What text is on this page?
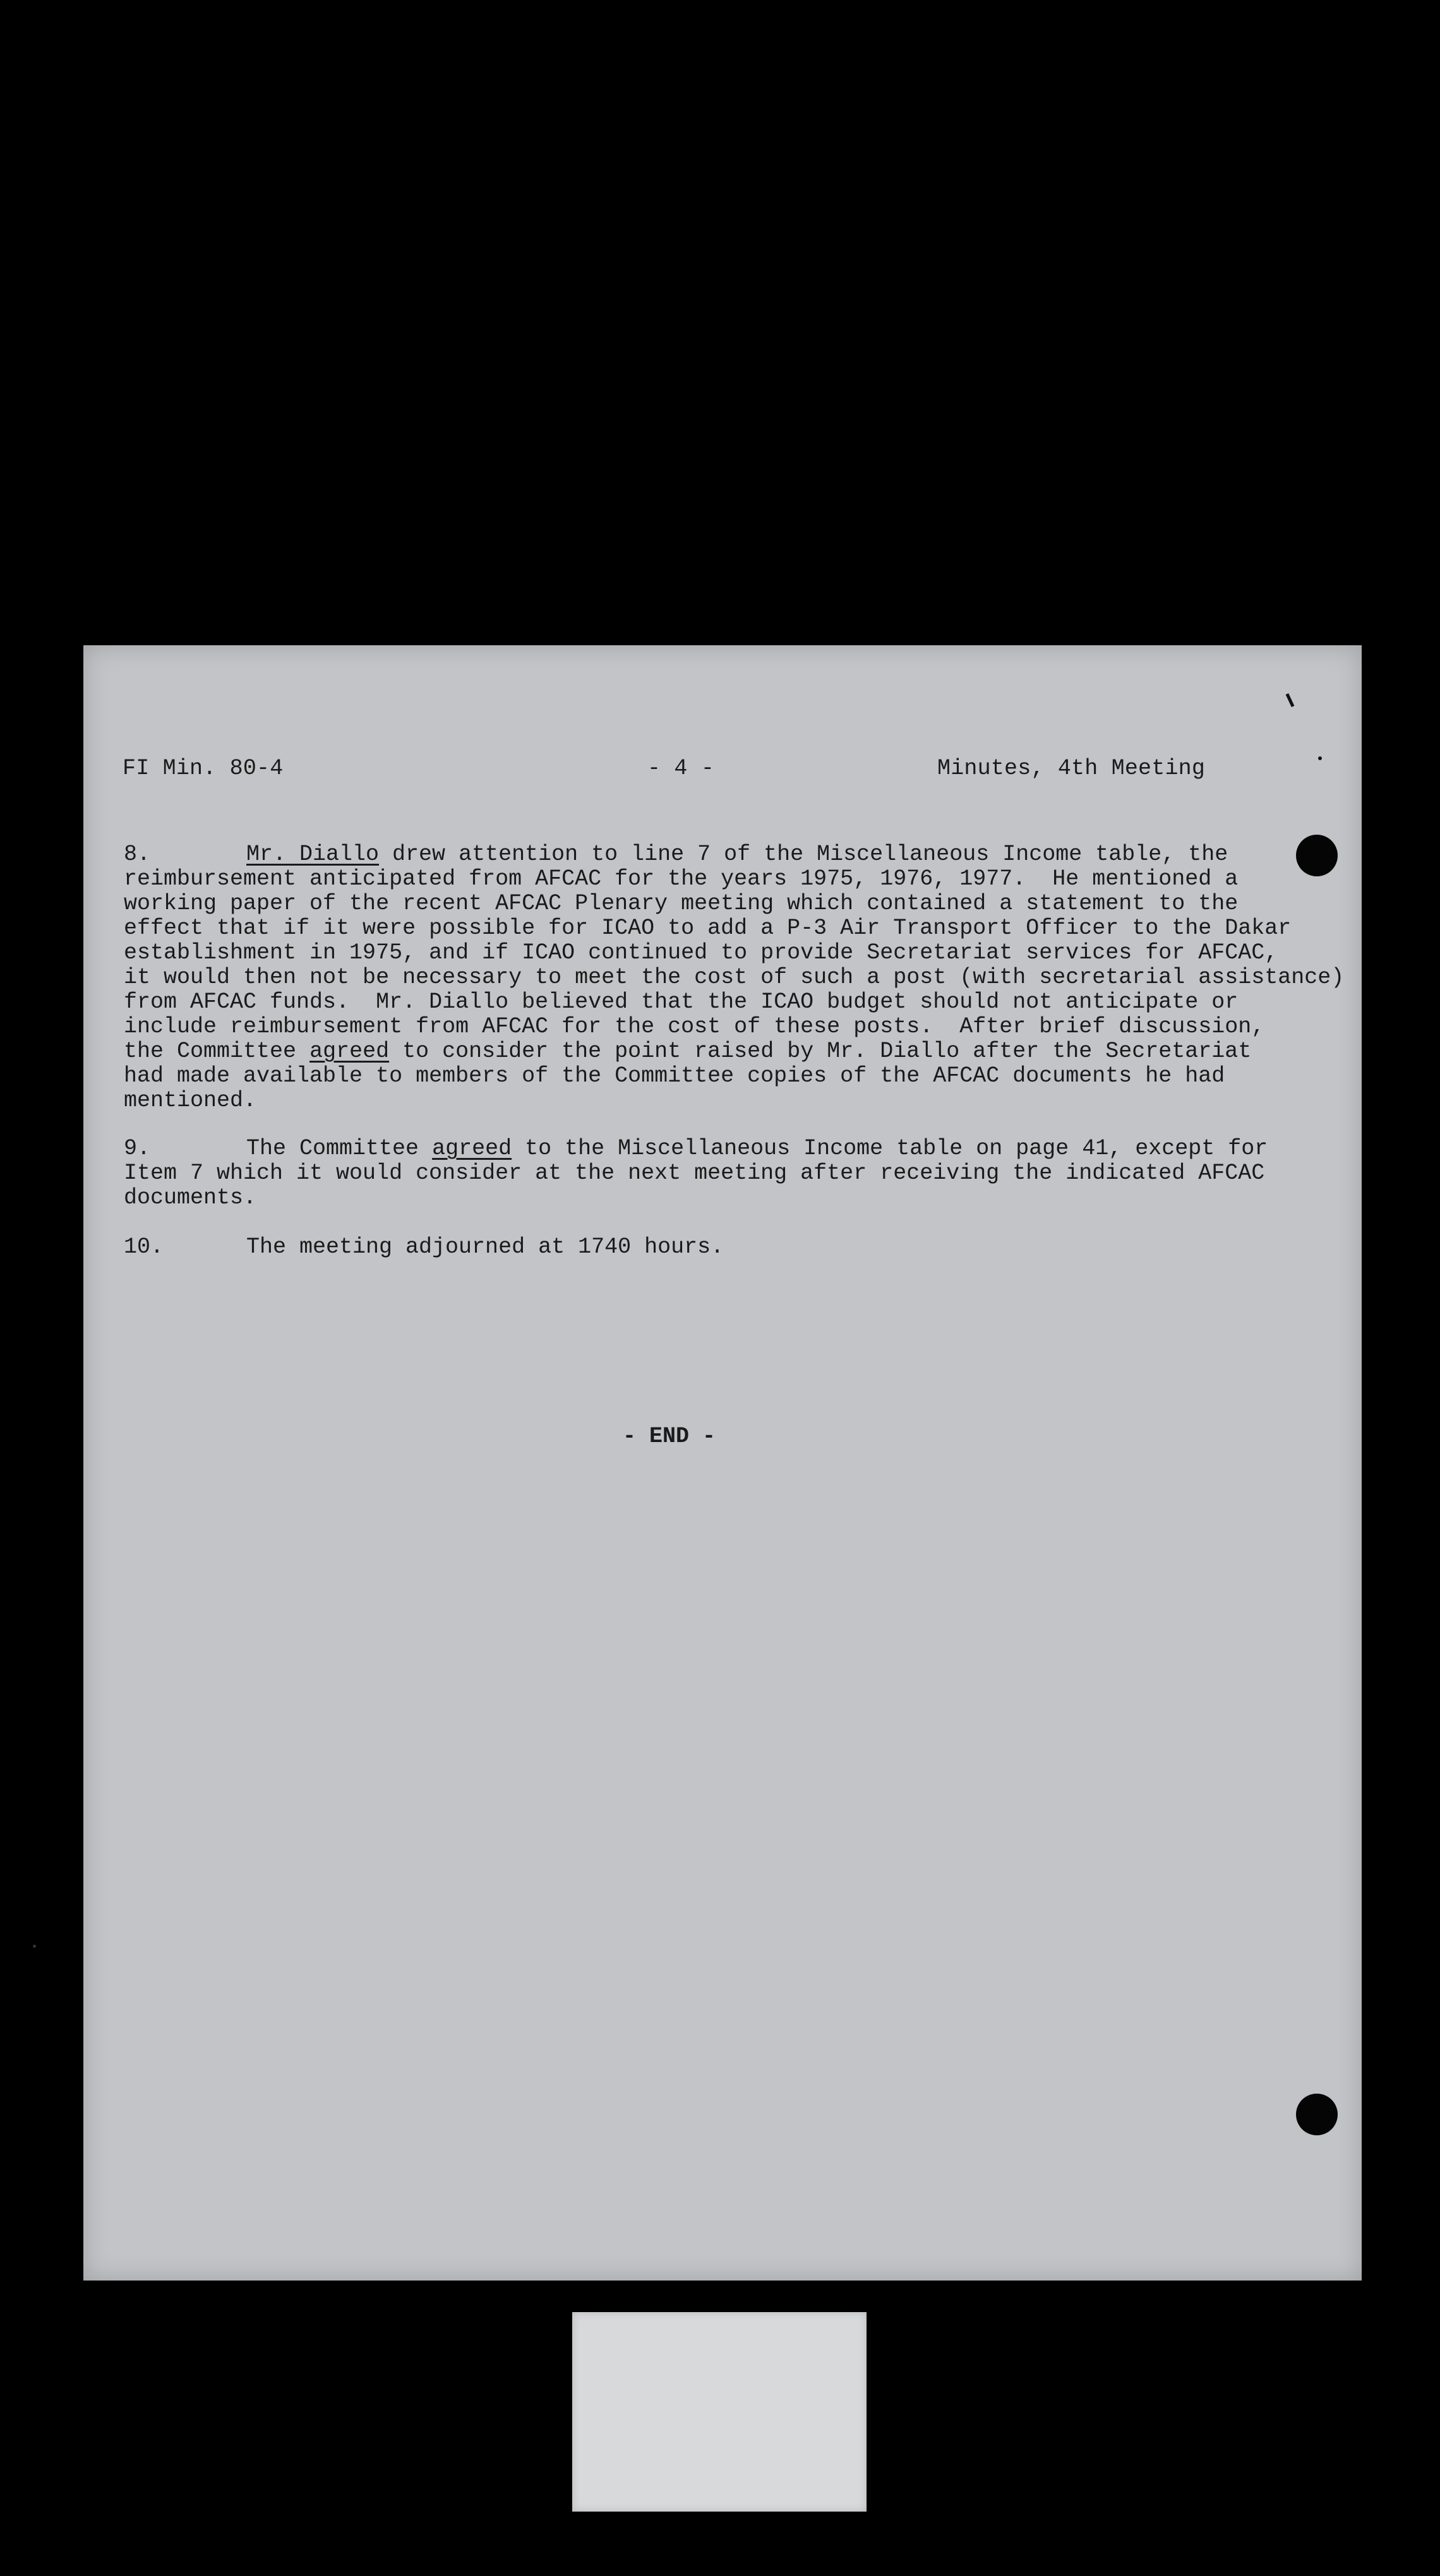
FI Min. 80-4	- 4 -	Minutes, 4th Meeting
8.	Mr. Diallo drew attention to line 7 of the Miscellaneous Income table, the
reimbursement anticipated from AFCAC for the years 1975, 1976, 1977.  He mentioned a
working paper of the recent AFCAC Plenary meeting which contained a statement to the
effect that if it were possible for ICAO to add a P-3 Air Transport Officer to the Dakar
establishment in 1975, and if ICAO continued to provide Secretariat services for AFCAC,
it would then not be necessary to meet the cost of such a post (with secretarial assistance)
from AFCAC funds.  Mr. Diallo believed that the ICAO budget should not anticipate or
include reimbursement from AFCAC for the cost of these posts.  After brief discussion,
the Committee agreed to consider the point raised by Mr. Diallo after the Secretariat
had made available to members of the Committee copies of the AFCAC documents he had
mentioned.
9.	The Committee agreed to the Miscellaneous Income table on page 41, except for
Item 7 which it would consider at the next meeting after receiving the indicated AFCAC
documents.
10.	The meeting adjourned at 1740 hours.
- END -
